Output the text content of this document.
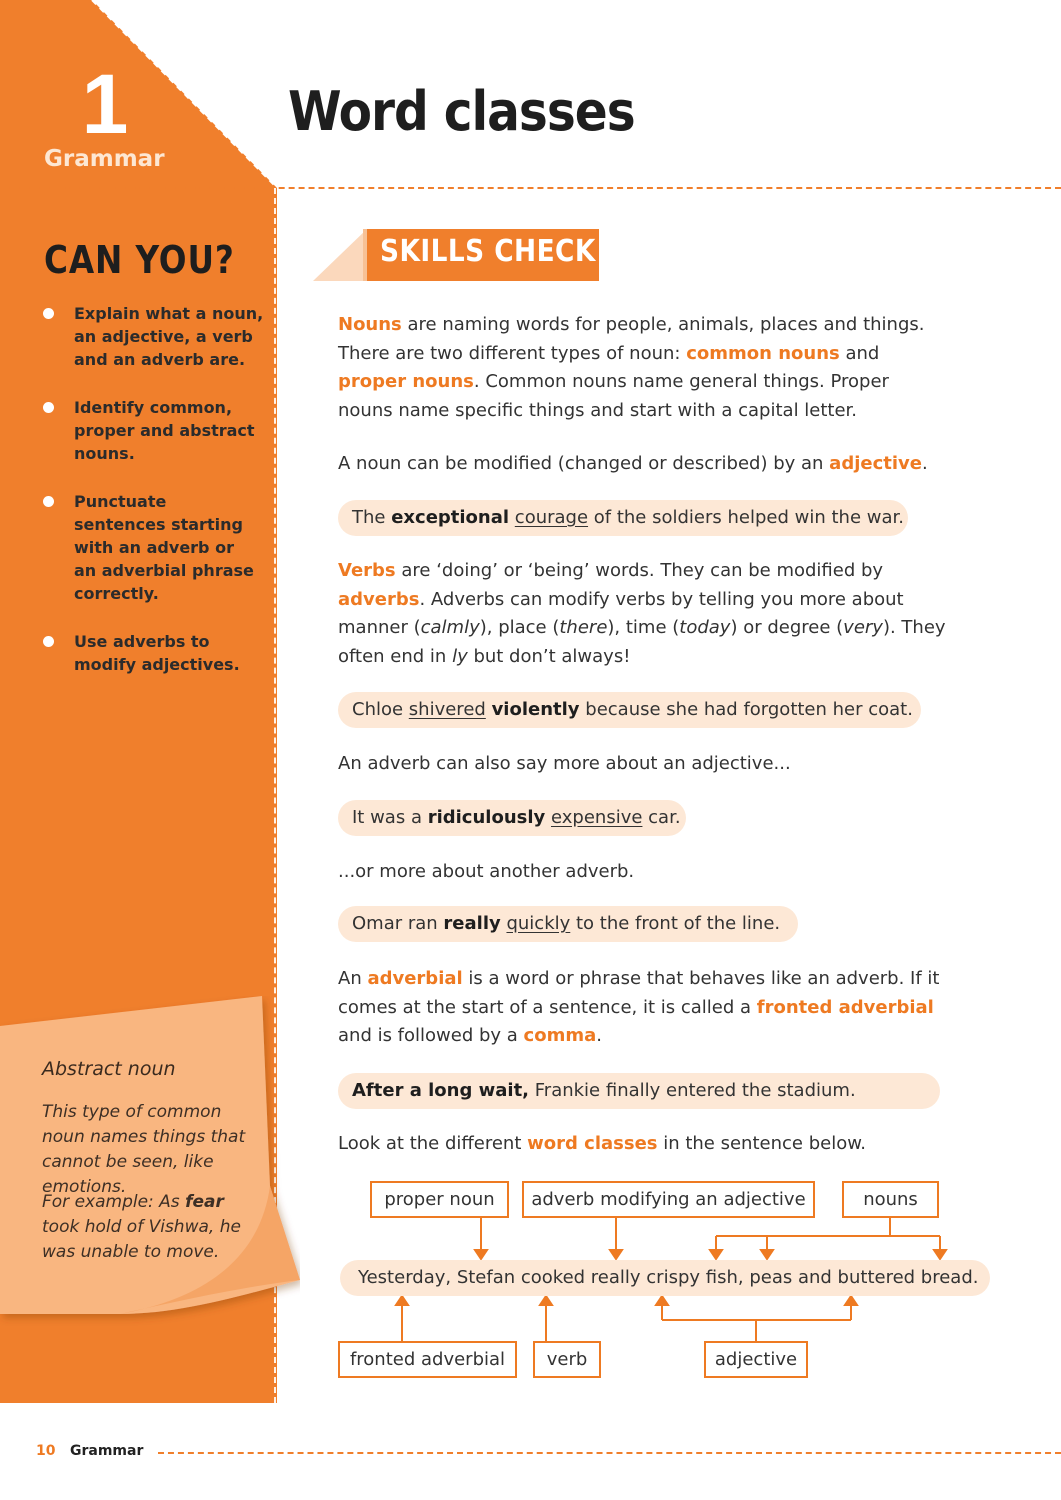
1
Grammar
Word classes
CAN YOU?
Explain what a noun, an adjective, a verb and an adverb are.
Identify common, proper and abstract nouns.
Punctuate sentences starting with an adverb or an adverbial phrase correctly.
Use adverbs to modify adjectives.
Abstract noun
This type of common noun names things that cannot be seen, like emotions.
For example: As fear took hold of Vishwa, he was unable to move.
SKILLS CHECK
Nouns are naming words for people, animals, places and things. There are two different types of noun: common nouns and proper nouns. Common nouns name general things. Proper nouns name specific things and start with a capital letter.
A noun can be modified (changed or described) by an adjective.
The exceptional courage of the soldiers helped win the war.
Verbs are ‘doing’ or ‘being’ words. They can be modified by adverbs. Adverbs can modify verbs by telling you more about manner (calmly), place (there), time (today) or degree (very). They often end in ly but don’t always!
Chloe shivered violently because she had forgotten her coat.
An adverb can also say more about an adjective...
It was a ridiculously expensive car.
...or more about another adverb.
Omar ran really quickly to the front of the line.
An adverbial is a word or phrase that behaves like an adverb. If it comes at the start of a sentence, it is called a fronted adverbial and is followed by a comma.
After a long wait, Frankie finally entered the stadium.
Look at the different word classes in the sentence below.
proper noun	adverb modifying an adjective	nouns
Yesterday, Stefan cooked really crispy fish, peas and buttered bread.
fronted adverbial	verb	adjective
10 Grammar
